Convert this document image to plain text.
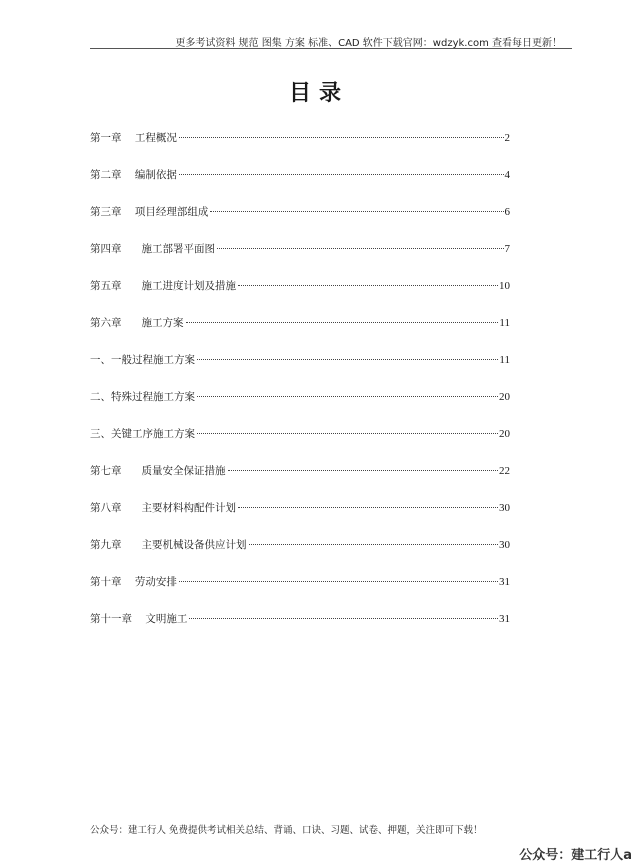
更多考试资料 规范 图集 方案 标准、CAD 软件下载官网：wdzyk.com 查看每日更新！
目录
第一章    工程概况	2
第二章    编制依据	4
第三章    项目经理部组成	6
第四章      施工部署平面图	7
第五章      施工进度计划及措施	10
第六章      施工方案	11
一、一般过程施工方案	11
二、特殊过程施工方案	20
三、关键工序施工方案	20
第七章      质量安全保证措施	22
第八章      主要材料构配件计划	30
第九章      主要机械设备供应计划	30
第十章    劳动安排	31
第十一章    文明施工	31
公众号：建工行人 免费提供考试相关总结、背诵、口诀、习题、试卷、押题，关注即可下载！
公众号：建工行人a
